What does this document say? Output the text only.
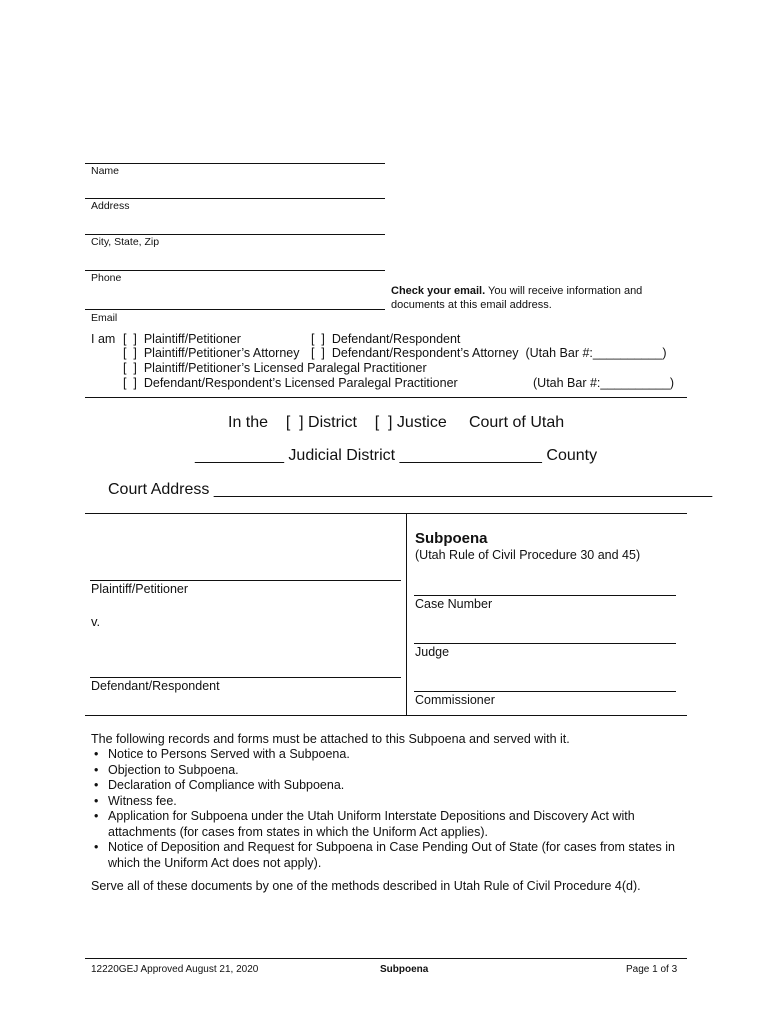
Name
Address
City, State, Zip
Phone
Email
Check your email. You will receive information and
documents at this email address.
I am [  ]  Plaintiff/Petitioner	[  ]  Defendant/Respondent
[  ]  Plaintiff/Petitioner’s Attorney [  ]  Defendant/Respondent’s Attorney  (Utah Bar #:__________)
[  ]  Plaintiff/Petitioner’s Licensed Paralegal Practitioner
[  ]  Defendant/Respondent’s Licensed Paralegal Practitioner	(Utah Bar #:__________)
In the    [  ] District    [  ] Justice     Court of Utah
__________ Judicial District ________________ County
Court Address ________________________________________________________
Plaintiff/Petitioner
v.
Defendant/Respondent
Subpoena
(Utah Rule of Civil Procedure 30 and 45)
Case Number
Judge
Commissioner
The following records and forms must be attached to this Subpoena and served with it.
• Notice to Persons Served with a Subpoena.
• Objection to Subpoena.
• Declaration of Compliance with Subpoena.
• Witness fee.
• Application for Subpoena under the Utah Uniform Interstate Depositions and Discovery Act with attachments (for cases from states in which the Uniform Act applies).
• Notice of Deposition and Request for Subpoena in Case Pending Out of State (for cases from states in which the Uniform Act does not apply).
Serve all of these documents by one of the methods described in Utah Rule of Civil Procedure 4(d).
12220GEJ Approved August 21, 2020	Subpoena	Page 1 of 3
